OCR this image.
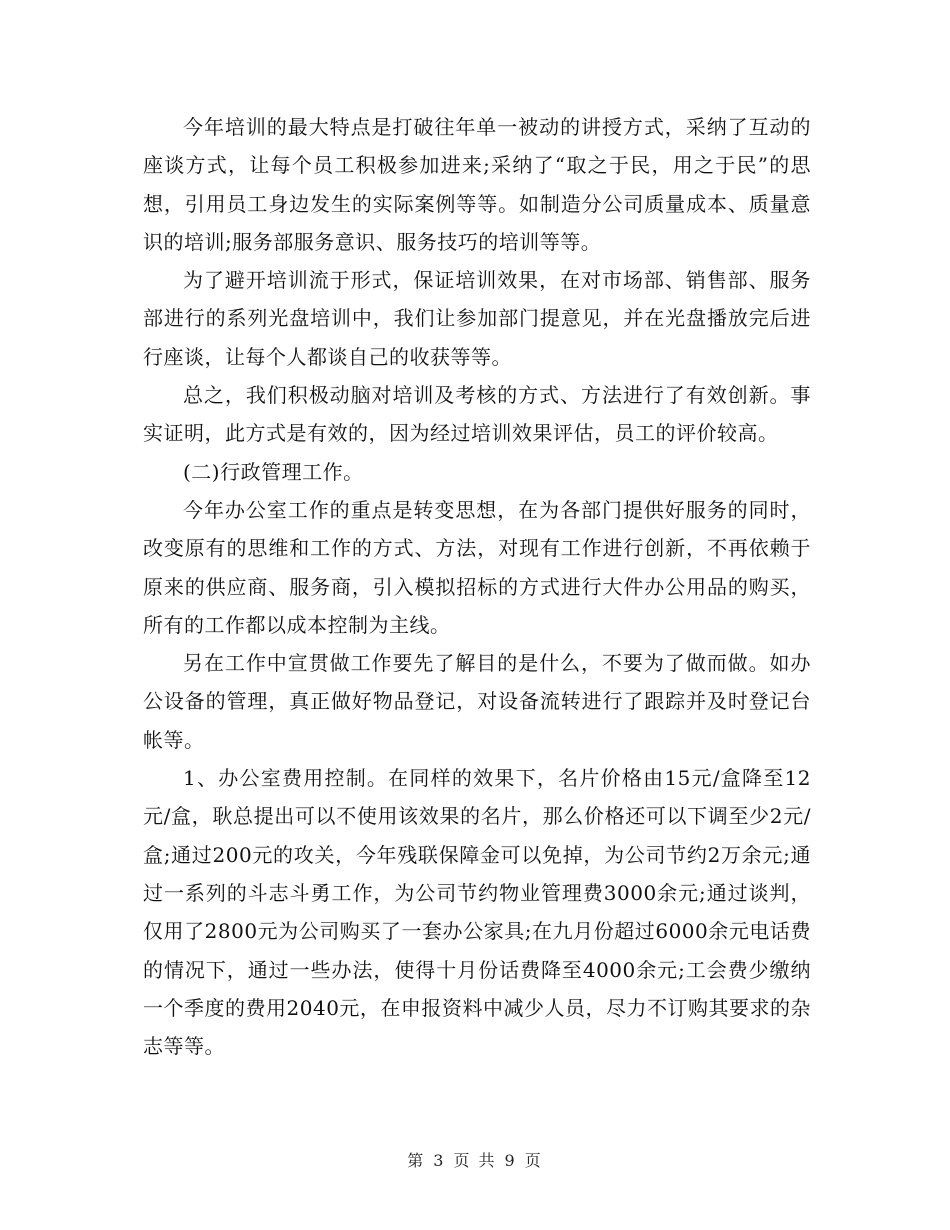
今年培训的最大特点是打破往年单一被动的讲授方式，采纳了互动的座谈方式，让每个员工积极参加进来;采纳了“取之于民，用之于民”的思想，引用员工身边发生的实际案例等等。如制造分公司质量成本、质量意识的培训;服务部服务意识、服务技巧的培训等等。

为了避开培训流于形式，保证培训效果，在对市场部、销售部、服务部进行的系列光盘培训中，我们让参加部门提意见，并在光盘播放完后进行座谈，让每个人都谈自己的收获等等。

总之，我们积极动脑对培训及考核的方式、方法进行了有效创新。事实证明，此方式是有效的，因为经过培训效果评估，员工的评价较高。

(二)行政管理工作。

今年办公室工作的重点是转变思想，在为各部门提供好服务的同时，改变原有的思维和工作的方式、方法，对现有工作进行创新，不再依赖于原来的供应商、服务商，引入模拟招标的方式进行大件办公用品的购买，所有的工作都以成本控制为主线。

另在工作中宣贯做工作要先了解目的是什么，不要为了做而做。如办公设备的管理，真正做好物品登记，对设备流转进行了跟踪并及时登记台帐等。

1、办公室费用控制。在同样的效果下，名片价格由15元/盒降至12元/盒，耿总提出可以不使用该效果的名片，那么价格还可以下调至少2元/盒;通过200元的攻关，今年残联保障金可以免掉，为公司节约2万余元;通过一系列的斗志斗勇工作，为公司节约物业管理费3000余元;通过谈判，仅用了2800元为公司购买了一套办公家具;在九月份超过6000余元电话费的情况下，通过一些办法，使得十月份话费降至4000余元;工会费少缴纳一个季度的费用2040元，在申报资料中减少人员，尽力不订购其要求的杂志等等。

第 3 页 共 9 页
